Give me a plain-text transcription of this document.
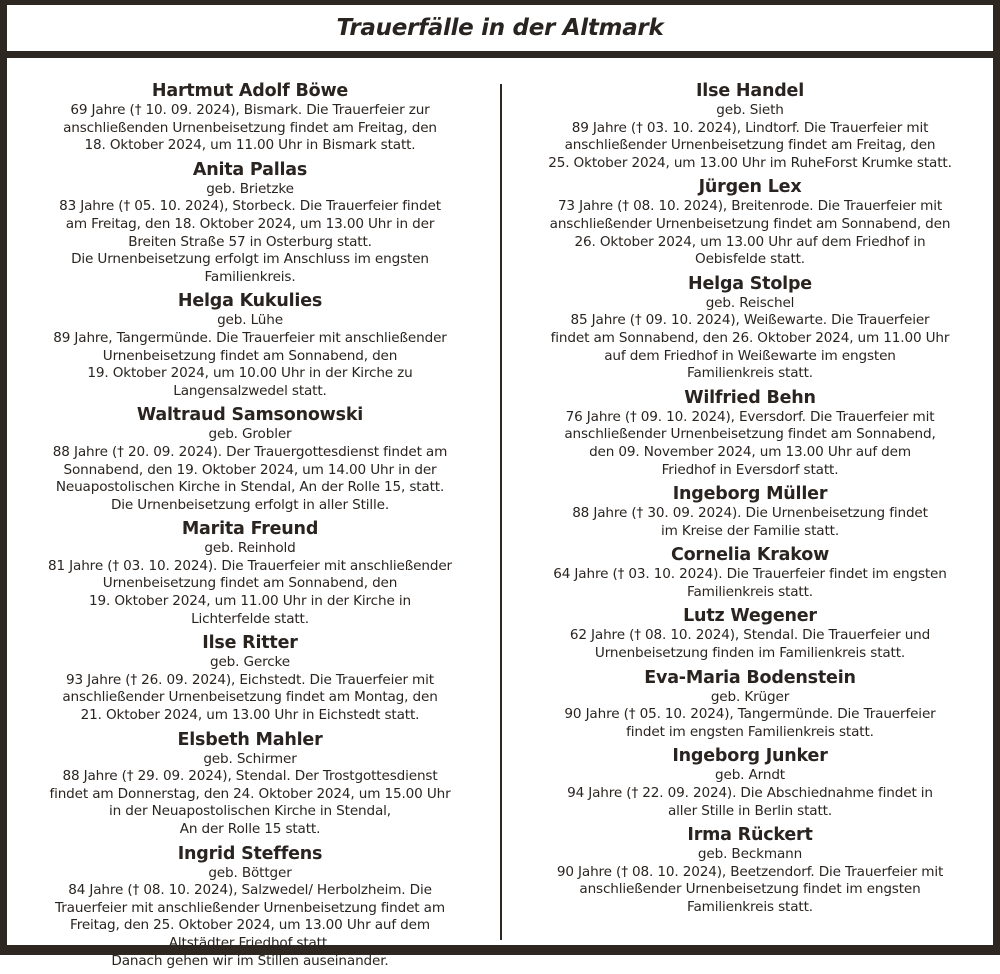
Trauerfälle in der Altmark
Hartmut Adolf Böwe
69 Jahre († 10. 09. 2024), Bismark. Die Trauerfeier zur
anschließenden Urnenbeisetzung findet am Freitag, den
18. Oktober 2024, um 11.00 Uhr in Bismark statt.
Anita Pallas
geb. Brietzke
83 Jahre († 05. 10. 2024), Storbeck. Die Trauerfeier findet
am Freitag, den 18. Oktober 2024, um 13.00 Uhr in der
Breiten Straße 57 in Osterburg statt.
Die Urnenbeisetzung erfolgt im Anschluss im engsten
Familienkreis.
Helga Kukulies
geb. Lühe
89 Jahre, Tangermünde. Die Trauerfeier mit anschließender
Urnenbeisetzung findet am Sonnabend, den
19. Oktober 2024, um 10.00 Uhr in der Kirche zu
Langensalzwedel statt.
Waltraud Samsonowski
geb. Grobler
88 Jahre († 20. 09. 2024). Der Trauergottesdienst findet am
Sonnabend, den 19. Oktober 2024, um 14.00 Uhr in der
Neuapostolischen Kirche in Stendal, An der Rolle 15, statt.
Die Urnenbeisetzung erfolgt in aller Stille.
Marita Freund
geb. Reinhold
81 Jahre († 03. 10. 2024). Die Trauerfeier mit anschließender
Urnenbeisetzung findet am Sonnabend, den
19. Oktober 2024, um 11.00 Uhr in der Kirche in
Lichterfelde statt.
Ilse Ritter
geb. Gercke
93 Jahre († 26. 09. 2024), Eichstedt. Die Trauerfeier mit
anschließender Urnenbeisetzung findet am Montag, den
21. Oktober 2024, um 13.00 Uhr in Eichstedt statt.
Elsbeth Mahler
geb. Schirmer
88 Jahre († 29. 09. 2024), Stendal. Der Trostgottesdienst
findet am Donnerstag, den 24. Oktober 2024, um 15.00 Uhr
in der Neuapostolischen Kirche in Stendal,
An der Rolle 15 statt.
Ingrid Steffens
geb. Böttger
84 Jahre († 08. 10. 2024), Salzwedel/ Herbolzheim. Die
Trauerfeier mit anschließender Urnenbeisetzung findet am
Freitag, den 25. Oktober 2024, um 13.00 Uhr auf dem
Altstädter Friedhof statt.
Danach gehen wir im Stillen auseinander.
Ilse Handel
geb. Sieth
89 Jahre († 03. 10. 2024), Lindtorf. Die Trauerfeier mit
anschließender Urnenbeisetzung findet am Freitag, den
25. Oktober 2024, um 13.00 Uhr im RuheForst Krumke statt.
Jürgen Lex
73 Jahre († 08. 10. 2024), Breitenrode. Die Trauerfeier mit
anschließender Urnenbeisetzung findet am Sonnabend, den
26. Oktober 2024, um 13.00 Uhr auf dem Friedhof in
Oebisfelde statt.
Helga Stolpe
geb. Reischel
85 Jahre († 09. 10. 2024), Weißewarte. Die Trauerfeier
findet am Sonnabend, den 26. Oktober 2024, um 11.00 Uhr
auf dem Friedhof in Weißewarte im engsten
Familienkreis statt.
Wilfried Behn
76 Jahre († 09. 10. 2024), Eversdorf. Die Trauerfeier mit
anschließender Urnenbeisetzung findet am Sonnabend,
den 09. November 2024, um 13.00 Uhr auf dem
Friedhof in Eversdorf statt.
Ingeborg Müller
88 Jahre († 30. 09. 2024). Die Urnenbeisetzung findet
im Kreise der Familie statt.
Cornelia Krakow
64 Jahre († 03. 10. 2024). Die Trauerfeier findet im engsten
Familienkreis statt.
Lutz Wegener
62 Jahre († 08. 10. 2024), Stendal. Die Trauerfeier und
Urnenbeisetzung finden im Familienkreis statt.
Eva-Maria Bodenstein
geb. Krüger
90 Jahre († 05. 10. 2024), Tangermünde. Die Trauerfeier
findet im engsten Familienkreis statt.
Ingeborg Junker
geb. Arndt
94 Jahre († 22. 09. 2024). Die Abschiednahme findet in
aller Stille in Berlin statt.
Irma Rückert
geb. Beckmann
90 Jahre († 08. 10. 2024), Beetzendorf. Die Trauerfeier mit
anschließender Urnenbeisetzung findet im engsten
Familienkreis statt.
